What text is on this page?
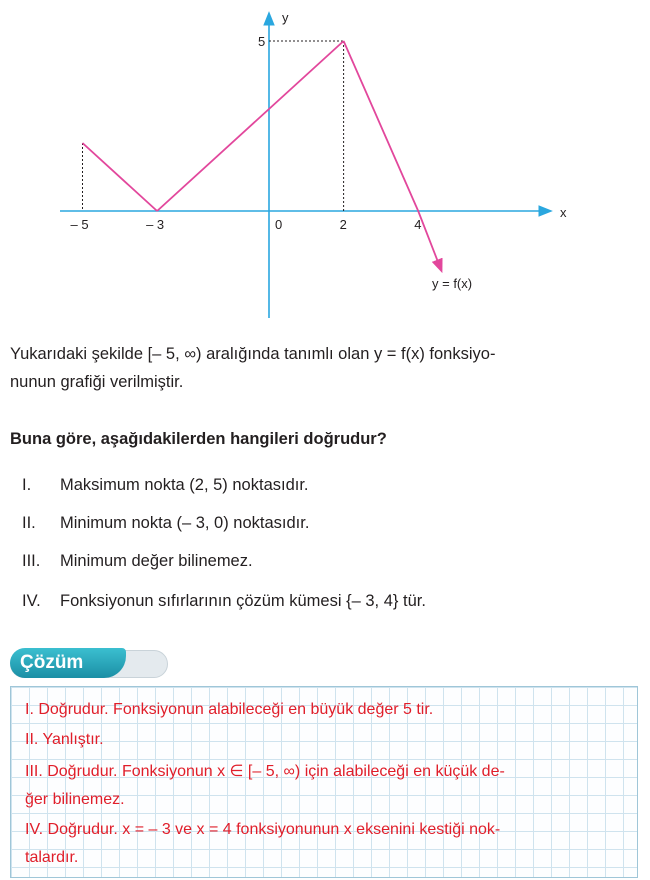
y
x
5
– 5	– 3	0	2	4
y = f(x)
Yukarıdaki şekilde [– 5, ∞) aralığında tanımlı olan y = f(x) fonksiyo-
nunun grafiği verilmiştir.
Buna göre, aşağıdakilerden hangileri doğrudur?
I. Maksimum nokta (2, 5) noktasıdır.
II. Minimum nokta (– 3, 0) noktasıdır.
III. Minimum değer bilinemez.
IV. Fonksiyonun sıfırlarının çözüm kümesi {– 3, 4} tür.
Çözüm
I. Doğrudur. Fonksiyonun alabileceği en büyük değer 5 tir.
II. Yanlıştır.
III. Doğrudur. Fonksiyonun x ∈ [– 5, ∞) için alabileceği en küçük de-
ğer bilinemez.
IV. Doğrudur. x = – 3 ve x = 4 fonksiyonunun x eksenini kestiği nok-
talardır.
